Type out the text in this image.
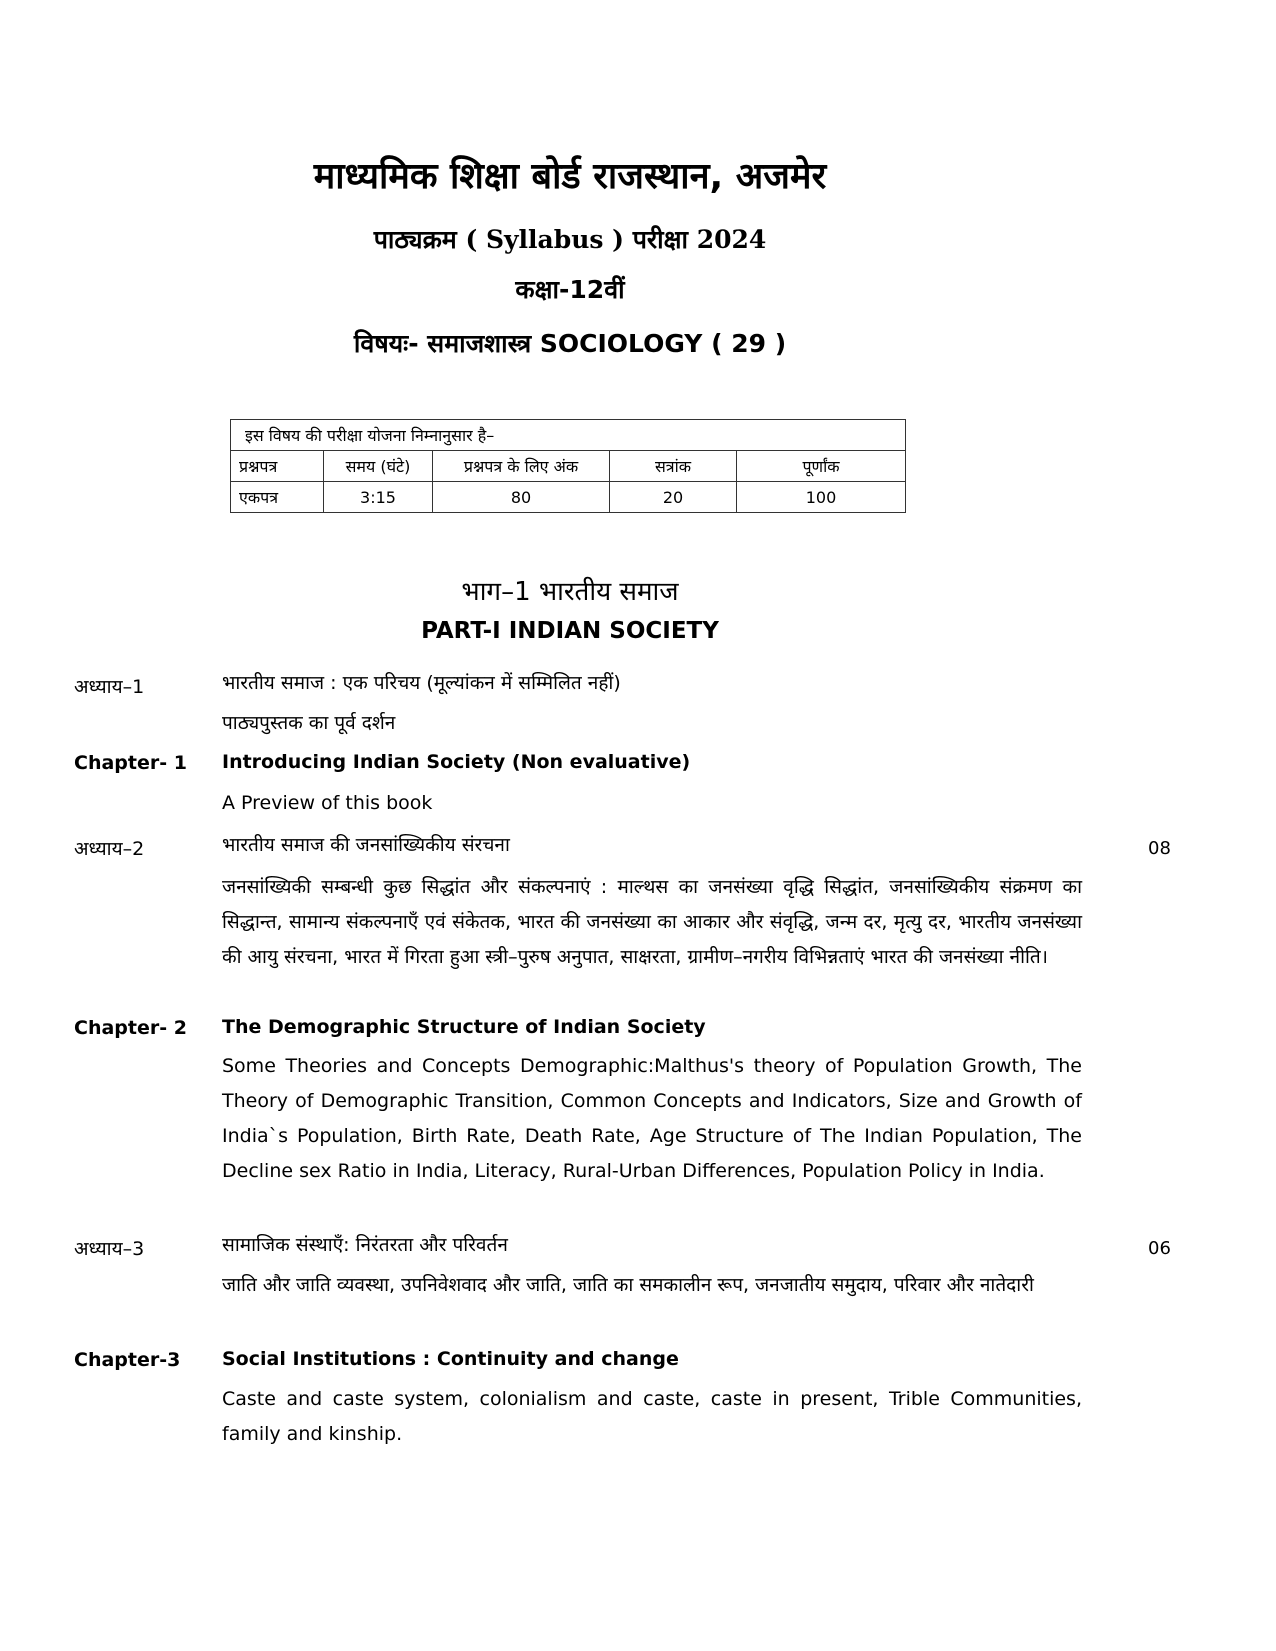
माध्यमिक शिक्षा बोर्ड राजस्थान, अजमेर
पाठ्यक्रम ( Syllabus ) परीक्षा 2024
कक्षा-12वीं
विषयः- समाजशास्त्र SOCIOLOGY ( 29 )
इस विषय की परीक्षा योजना निम्नानुसार है–				
प्रश्नपत्र	समय (घंटे)	प्रश्नपत्र के लिए अंक	सत्रांक	पूर्णांक
एकपत्र	3:15	80	20	100
भाग–1 भारतीय समाज
PART-I INDIAN SOCIETY
अध्याय–1	भारतीय समाज : एक परिचय (मूल्यांकन में सम्मिलित नहीं)
पाठ्यपुस्तक का पूर्व दर्शन
Chapter- 1 Introducing Indian Society (Non evaluative)
A Preview of this book
अध्याय–2	भारतीय समाज की जनसांख्यिकीय संरचना	08
जनसांख्यिकी सम्बन्धी कुछ सिद्धांत और संकल्पनाएं : माल्थस का जनसंख्या वृद्धि सिद्धांत, जनसांख्यिकीय संक्रमण का सिद्धान्त, सामान्य संकल्पनाएँ एवं संकेतक, भारत की जनसंख्या का आकार और संवृद्धि, जन्म दर, मृत्यु दर, भारतीय जनसंख्या की आयु संरचना, भारत में गिरता हुआ स्त्री–पुरुष अनुपात, साक्षरता, ग्रामीण–नगरीय विभिन्नताएं भारत की जनसंख्या नीति।
Chapter- 2 The Demographic Structure of Indian Society
Some Theories and Concepts Demographic:Malthus's theory of Population Growth, The Theory of Demographic Transition, Common Concepts and Indicators, Size and Growth of India`s Population, Birth Rate, Death Rate, Age Structure of The Indian Population, The Decline sex Ratio in India, Literacy, Rural-Urban Differences, Population Policy in India.
अध्याय–3	सामाजिक संस्थाएँ: निरंतरता और परिवर्तन	06
जाति और जाति व्यवस्था, उपनिवेशवाद और जाति, जाति का समकालीन रूप, जनजातीय समुदाय, परिवार और नातेदारी
Chapter-3 Social Institutions : Continuity and change
Caste and caste system, colonialism and caste, caste in present, Trible Communities, family and kinship.
